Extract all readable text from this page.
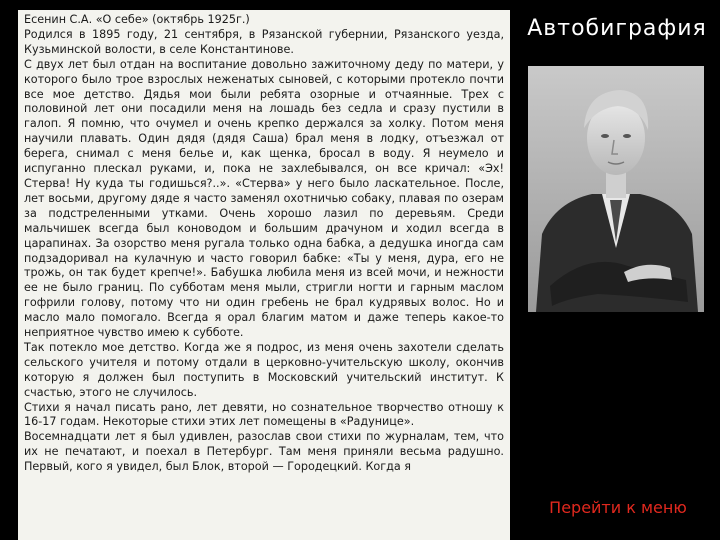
Есенин С.А. «О себе» (октябрь 1925г.)

Родился в 1895 году, 21 сентября, в Рязанской губернии, Рязанского уезда, Кузьминской волости, в селе Константинове.

С двух лет был отдан на воспитание довольно зажиточному деду по матери, у которого было трое взрослых неженатых сыновей, с которыми протекло почти все мое детство. Дядья мои были ребята озорные и отчаянные. Трех с половиной лет они посадили меня на лошадь без седла и сразу пустили в галоп. Я помню, что очумел и очень крепко держался за холку. Потом меня научили плавать. Один дядя (дядя Саша) брал меня в лодку, отъезжал от берега, снимал с меня белье и, как щенка, бросал в воду. Я неумело и испуганно плескал руками, и, пока не захлебывался, он все кричал: «Эх! Стерва! Ну куда ты годишься?..». «Стерва» у него было ласкательное. После, лет восьми, другому дяде я часто заменял охотничью собаку, плавая по озерам за подстреленными утками. Очень хорошо лазил по деревьям. Среди мальчишек всегда был коноводом и большим драчуном и ходил всегда в царапинах. За озорство меня ругала только одна бабка, а дедушка иногда сам подзадоривал на кулачную и часто говорил бабке: «Ты у меня, дура, его не трожь, он так будет крепче!». Бабушка любила меня из всей мочи, и нежности ее не было границ. По субботам меня мыли, стригли ногти и гарным маслом гофрили голову, потому что ни один гребень не брал кудрявых волос. Но и масло мало помогало. Всегда я орал благим матом и даже теперь какое-то неприятное чувство имею к субботе.

Так потекло мое детство. Когда же я подрос, из меня очень захотели сделать сельского учителя и потому отдали в церковно-учительскую школу, окончив которую я должен был поступить в Московский учительский институт. К счастью, этого не случилось.

Стихи я начал писать рано, лет девяти, но сознательное творчество отношу к 16-17 годам. Некоторые стихи этих лет помещены в «Радунице».

Восемнадцати лет я был удивлен, разослав свои стихи по журналам, тем, что их не печатают, и поехал в Петербург. Там меня приняли весьма радушно. Первый, кого я увидел, был Блок, второй — Городецкий. Когда я

Автобиграфия
Перейти к меню
